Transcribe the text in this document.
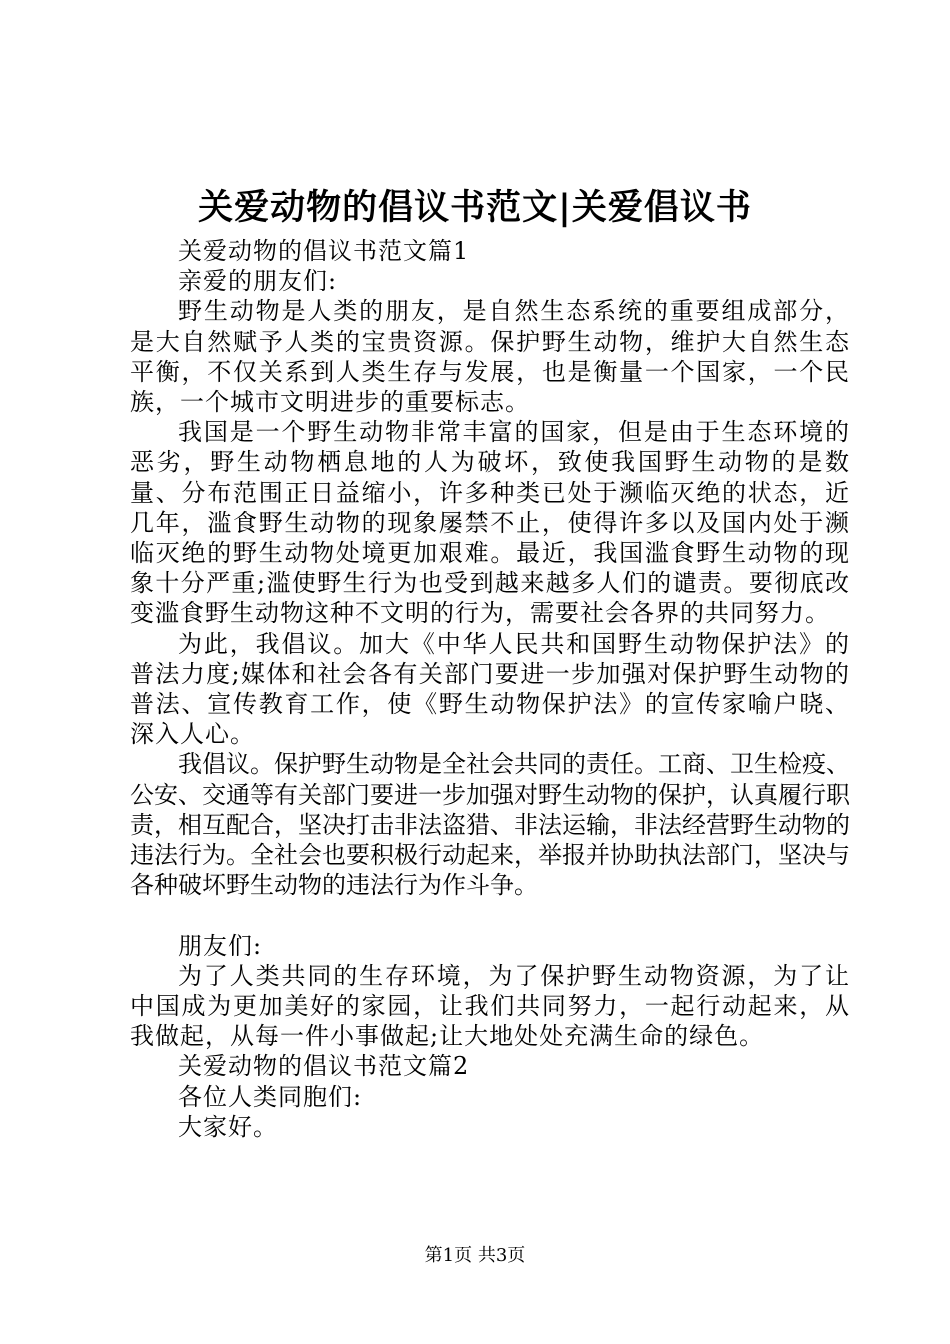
关爱动物的倡议书范文|关爱倡议书

关爱动物的倡议书范文篇1

亲爱的朋友们:

野生动物是人类的朋友，是自然生态系统的重要组成部分，是大自然赋予人类的宝贵资源。保护野生动物，维护大自然生态平衡，不仅关系到人类生存与发展，也是衡量一个国家，一个民族，一个城市文明进步的重要标志。

我国是一个野生动物非常丰富的国家，但是由于生态环境的恶劣，野生动物栖息地的人为破坏，致使我国野生动物的是数量、分布范围正日益缩小，许多种类已处于濒临灭绝的状态，近几年，滥食野生动物的现象屡禁不止，使得许多以及国内处于濒临灭绝的野生动物处境更加艰难。最近，我国滥食野生动物的现象十分严重;滥使野生行为也受到越来越多人们的谴责。要彻底改变滥食野生动物这种不文明的行为，需要社会各界的共同努力。

为此，我倡议。加大《中华人民共和国野生动物保护法》的普法力度;媒体和社会各有关部门要进一步加强对保护野生动物的普法、宣传教育工作，使《野生动物保护法》的宣传家喻户晓、深入人心。

我倡议。保护野生动物是全社会共同的责任。工商、卫生检疫、公安、交通等有关部门要进一步加强对野生动物的保护，认真履行职责，相互配合，坚决打击非法盗猎、非法运输，非法经营野生动物的违法行为。全社会也要积极行动起来，举报并协助执法部门，坚决与各种破坏野生动物的违法行为作斗争。

朋友们:

为了人类共同的生存环境，为了保护野生动物资源，为了让中国成为更加美好的家园，让我们共同努力，一起行动起来，从我做起，从每一件小事做起;让大地处处充满生命的绿色。

关爱动物的倡议书范文篇2

各位人类同胞们:

大家好。

第1页 共3页
